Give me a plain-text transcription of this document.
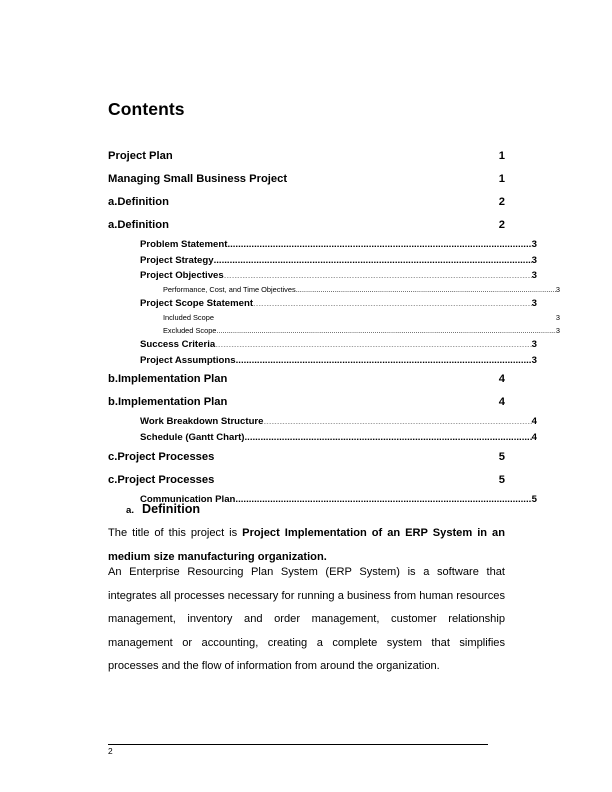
Contents
Project Plan .....	1
Managing Small Business Project .....	1
a.Definition .....	2
a.Definition .....	2
Problem Statement .....	3
Project Strategy .....	3
Project Objectives .....	3
Performance, Cost, and Time Objectives .....	3
Project Scope Statement .....	3
Included Scope .....	3
Excluded Scope .....	3
Success Criteria .....	3
Project Assumptions .....	3
b.Implementation Plan .....	4
b.Implementation Plan .....	4
Work Breakdown Structure .....	4
Schedule (Gantt Chart) .....	4
c.Project Processes .....	5
c.Project Processes .....	5
Communication Plan .....	5
a. Definition
The title of this project is Project Implementation of an ERP System in an medium size manufacturing organization.
An Enterprise Resourcing Plan System (ERP System) is a software that integrates all processes necessary for running a business from human resources management, inventory and order management, customer relationship management or accounting, creating a complete system that simplifies processes and the flow of information from around the organization.
2
